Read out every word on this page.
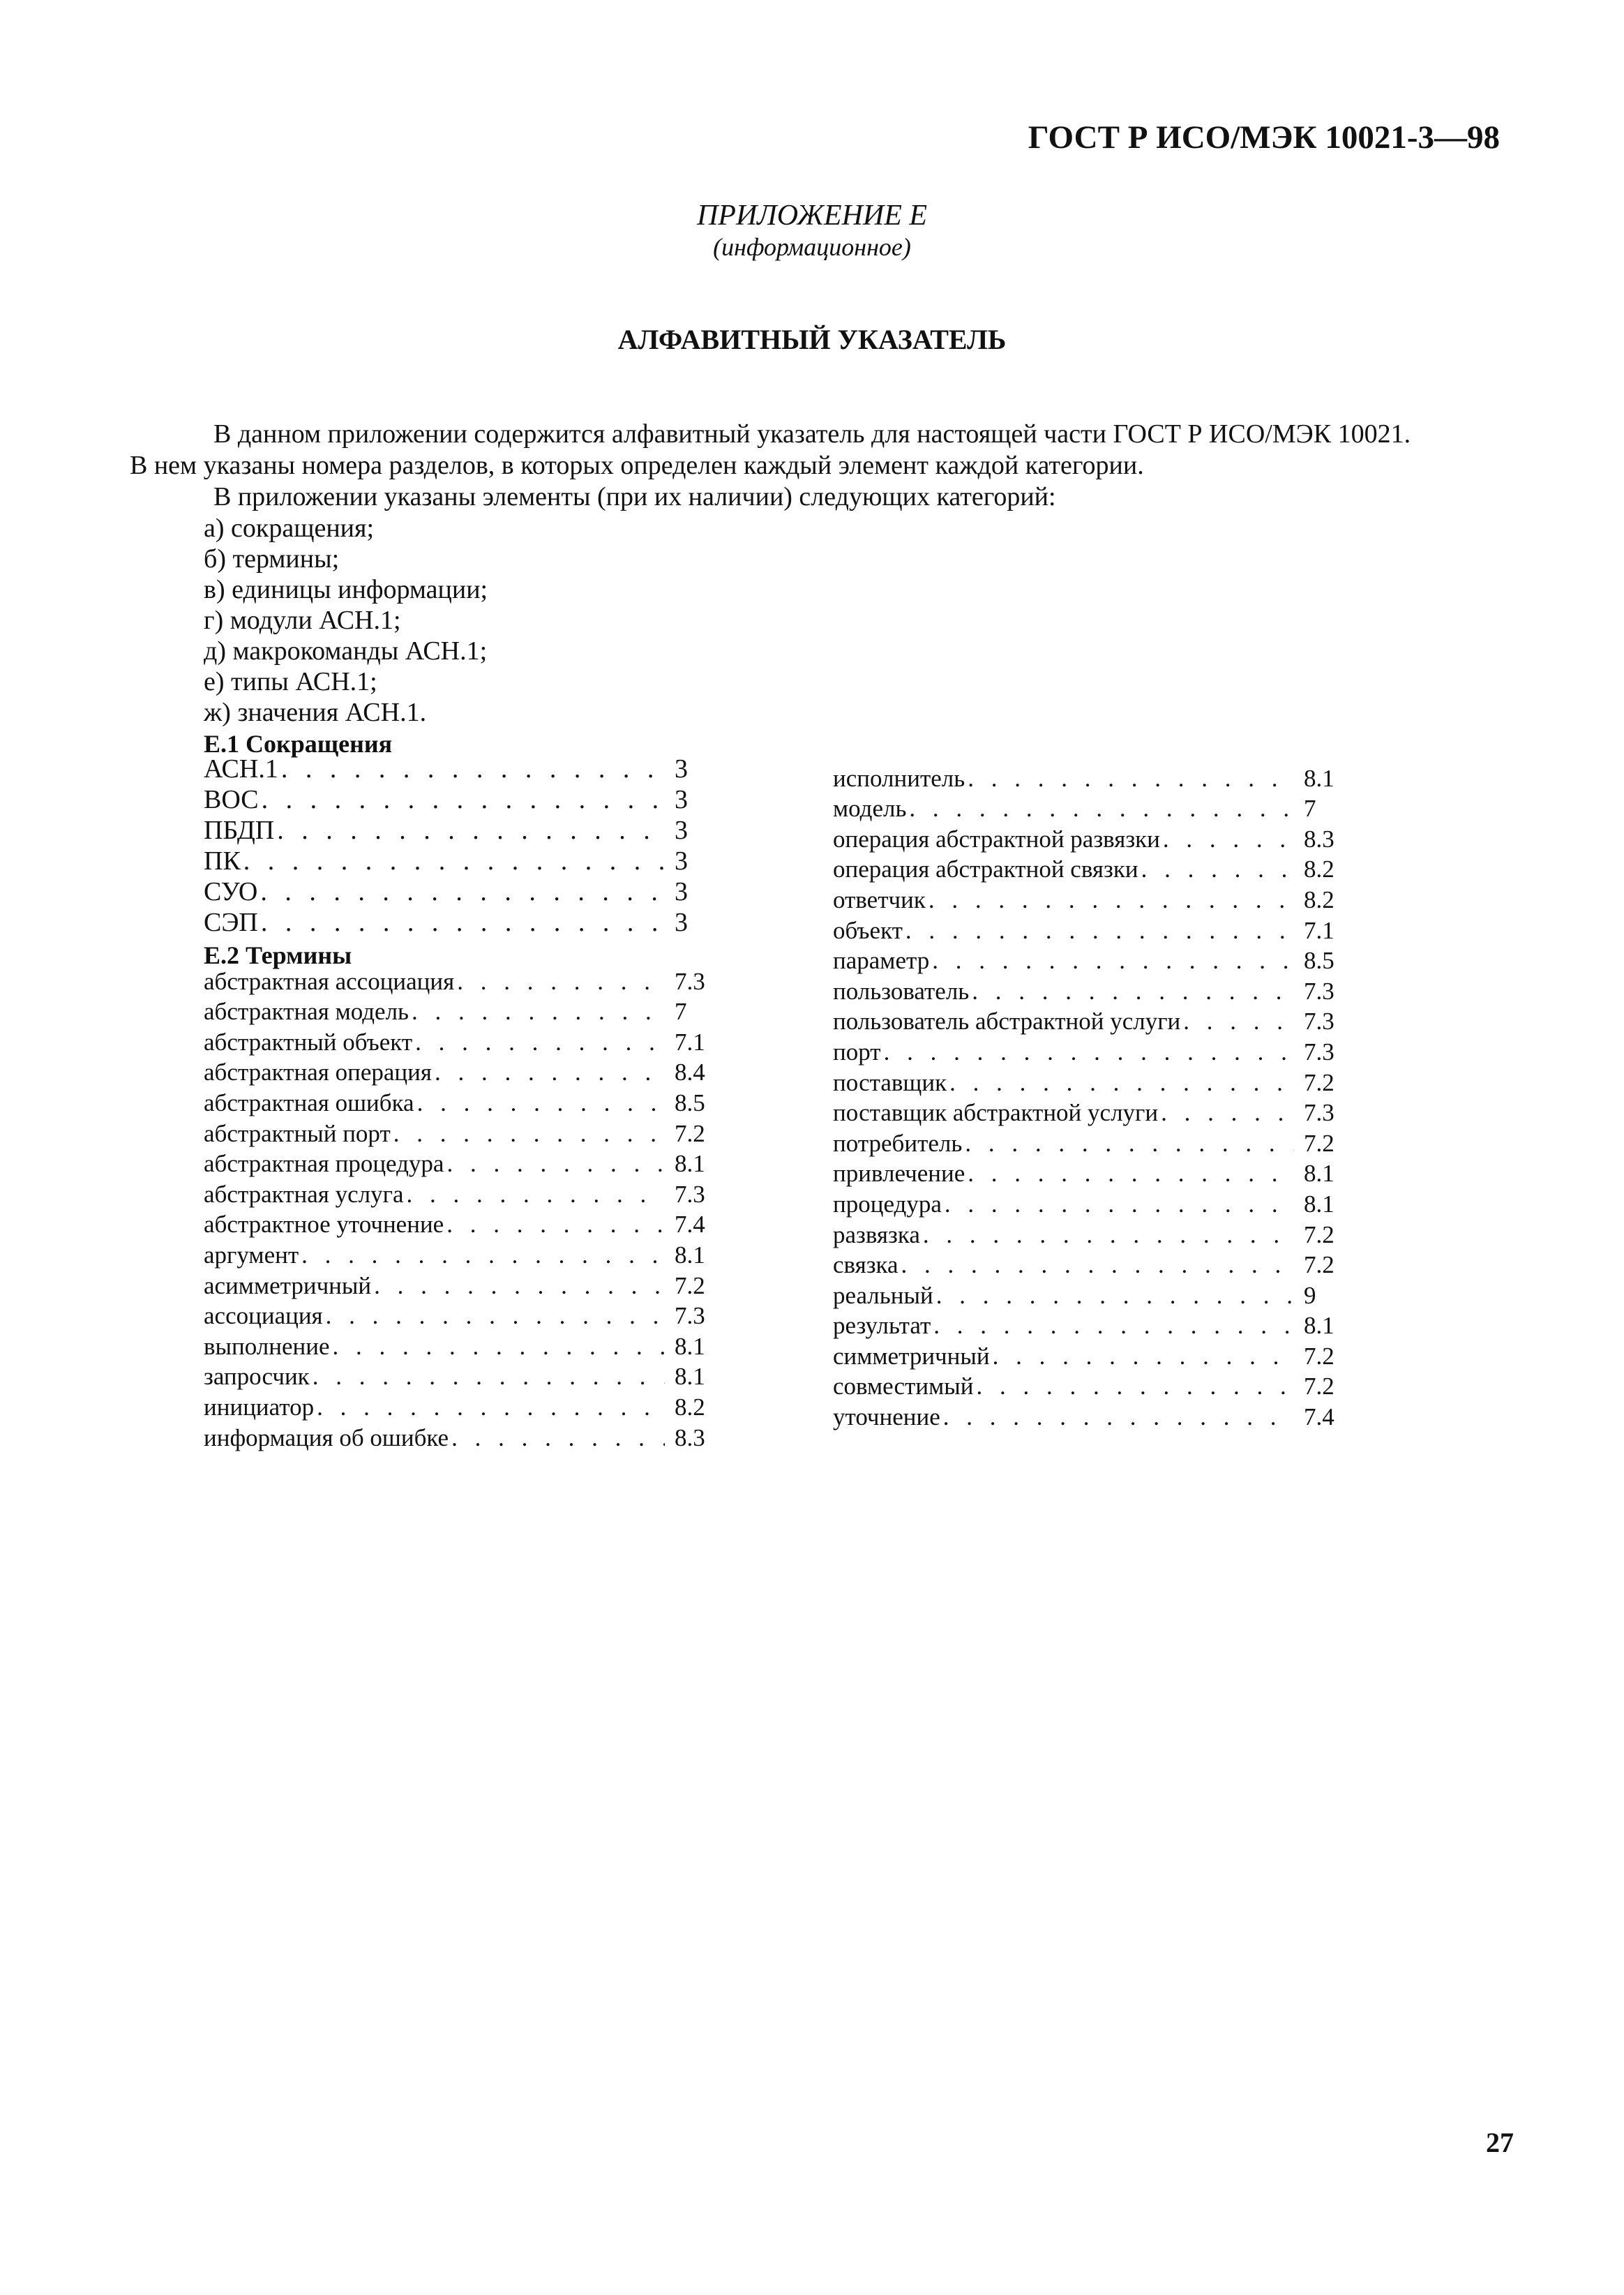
ГОСТ Р ИСО/МЭК 10021-3—98
ПРИЛОЖЕНИЕ Е
(информационное)
АЛФАВИТНЫЙ УКАЗАТЕЛЬ
В данном приложении содержится алфавитный указатель для настоящей части ГОСТ Р ИСО/МЭК 10021.
В нем указаны номера разделов, в которых определен каждый элемент каждой категории.
В приложении указаны элементы (при их наличии) следующих категорий:
а) сокращения;
б) термины;
в) единицы информации;
г) модули АСН.1;
д) макрокоманды АСН.1;
е) типы АСН.1;
ж) значения АСН.1.
Е.1 Сокращения
АСН.1 . . .	3
ВОС . . .	3
ПБДП . . .	3
ПК . . .	3
СУО . . .	3
СЭП . . .	3
Е.2 Термины
абстрактная ассоциация . . .	7.3
абстрактная модель . . .	7
абстрактный объект . . .	7.1
абстрактная операция . . .	8.4
абстрактная ошибка . . .	8.5
абстрактный порт . . .	7.2
абстрактная процедура . . .	8.1
абстрактная услуга . . .	7.3
абстрактное уточнение . . .	7.4
аргумент . . .	8.1
асимметричный . . .	7.2
ассоциация . . .	7.3
выполнение . . .	8.1
запросчик . . .	8.1
инициатор . . .	8.2
информация об ошибке . . .	8.3
исполнитель . . .	8.1
модель . . .	7
операция абстрактной развязки . . .	8.3
операция абстрактной связки . . .	8.2
ответчик . . .	8.2
объект . . .	7.1
параметр . . .	8.5
пользователь . . .	7.3
пользователь абстрактной услуги . . .	7.3
порт . . .	7.3
поставщик . . .	7.2
поставщик абстрактной услуги . . .	7.3
потребитель . . .	7.2
привлечение . . .	8.1
процедура . . .	8.1
развязка . . .	7.2
связка . . .	7.2
реальный . . .	9
результат . . .	8.1
симметричный . . .	7.2
совместимый . . .	7.2
уточнение . . .	7.4
27
